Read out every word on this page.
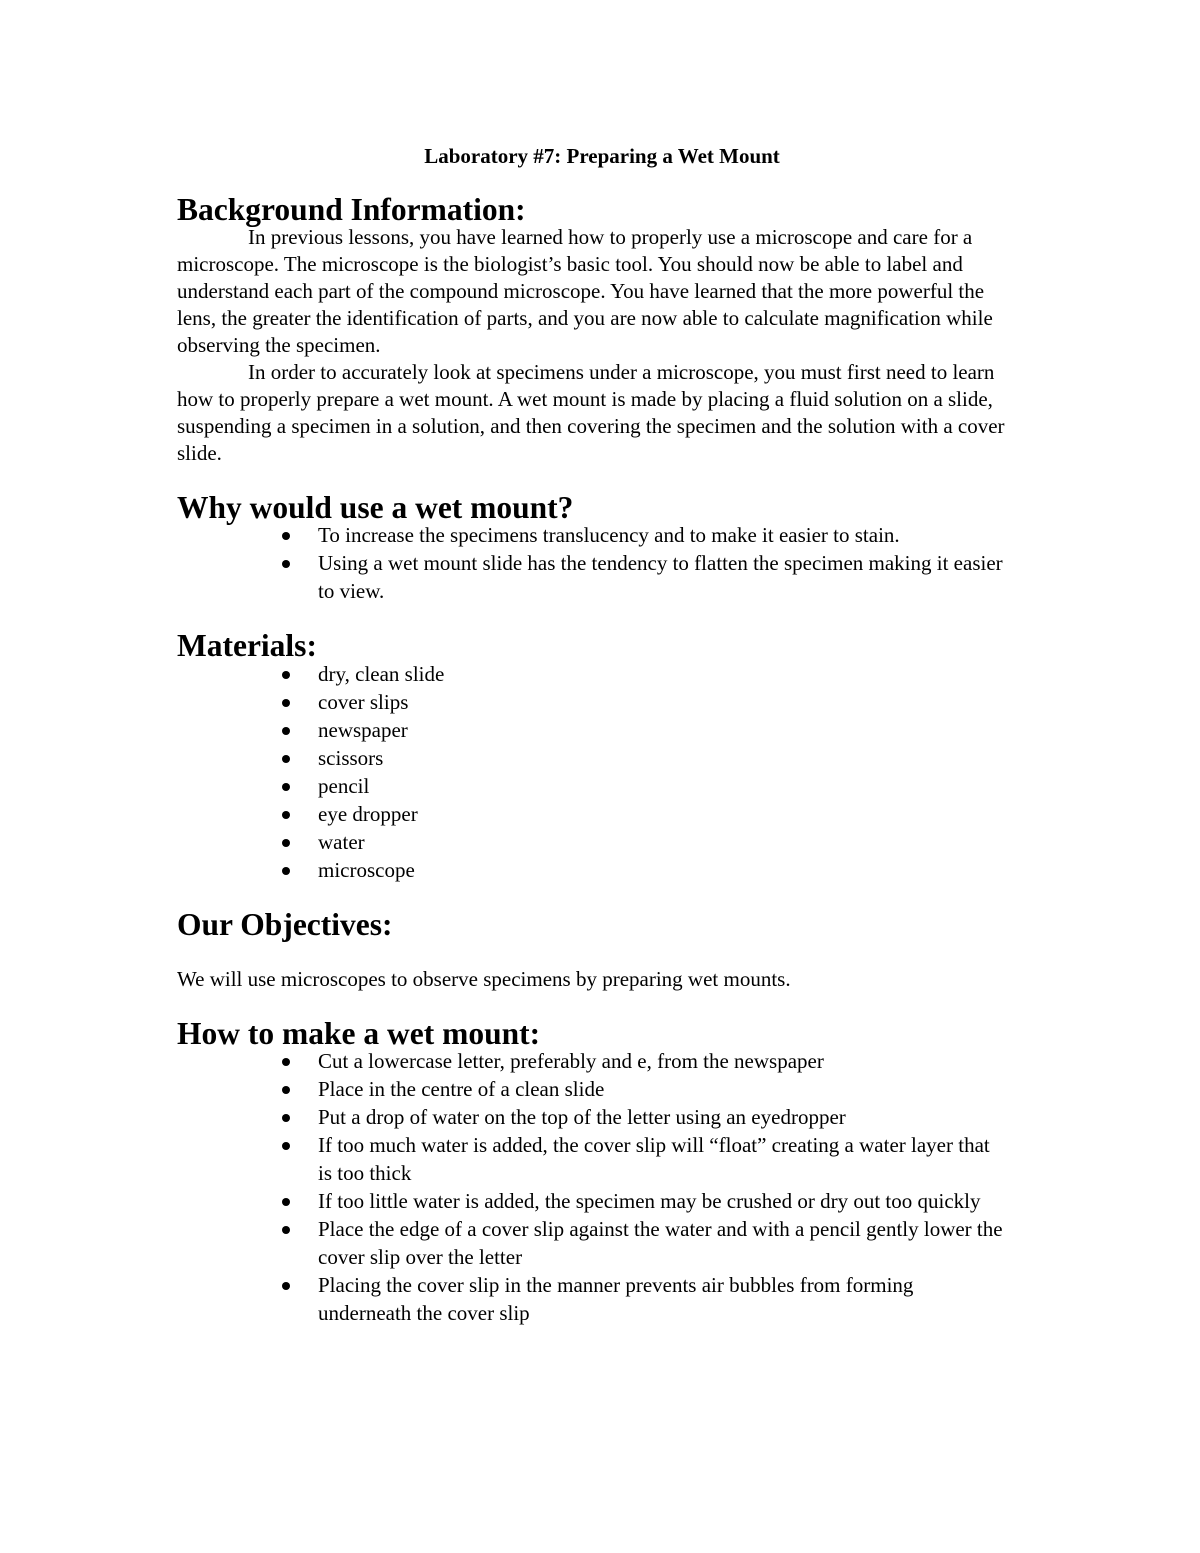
Laboratory #7: Preparing a Wet Mount
Background Information:

In previous lessons, you have learned how to properly use a microscope and care for a microscope. The microscope is the biologist’s basic tool. You should now be able to label and understand each part of the compound microscope. You have learned that the more powerful the lens, the greater the identification of parts, and you are now able to calculate magnification while observing the specimen.

In order to accurately look at specimens under a microscope, you must first need to learn how to properly prepare a wet mount. A wet mount is made by placing a fluid solution on a slide, suspending a specimen in a solution, and then covering the specimen and the solution with a cover slide.

Why would use a wet mount?
To increase the specimens translucency and to make it easier to stain.
Using a wet mount slide has the tendency to flatten the specimen making it easier to view.
Materials:
dry, clean slide
cover slips
newspaper
scissors
pencil
eye dropper
water
microscope
Our Objectives:

We will use microscopes to observe specimens by preparing wet mounts.

How to make a wet mount:
Cut a lowercase letter, preferably and e, from the newspaper
Place in the centre of a clean slide
Put a drop of water on the top of the letter using an eyedropper
If too much water is added, the cover slip will “float” creating a water layer that is too thick
If too little water is added, the specimen may be crushed or dry out too quickly
Place the edge of a cover slip against the water and with a pencil gently lower the cover slip over the letter
Placing the cover slip in the manner prevents air bubbles from forming underneath the cover slip
